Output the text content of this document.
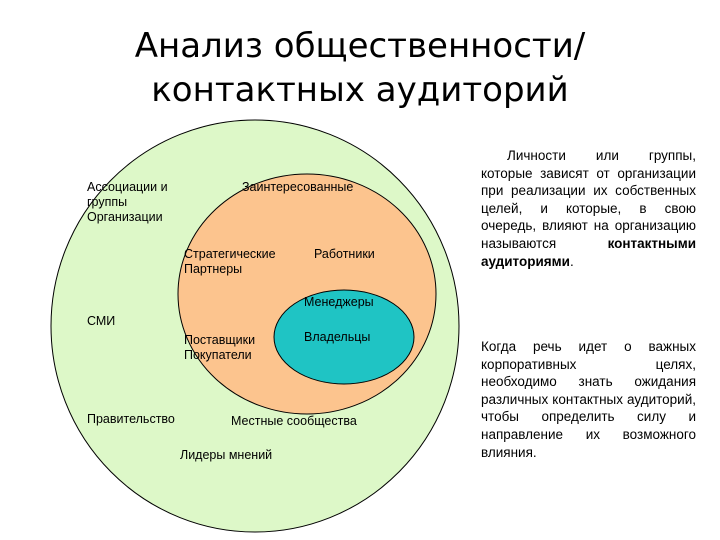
Анализ общественности/
контактных аудиторий
Ассоциации и группы Организации
Заинтересованные
Стратегические Партнеры
Работники
Менеджеры
СМИ
Поставщики Покупатели
Владельцы
Правительство	Местные сообщества
Лидеры мнений
Личности или группы, которые зависят от организации при реализации их собственных целей, и которые, в свою очередь, влияют на организацию называются	контактными аудиториями.
Когда речь идет о важных корпоративных целях, необходимо знать ожидания различных контактных аудиторий, чтобы определить силу и направление их возможного влияния.
